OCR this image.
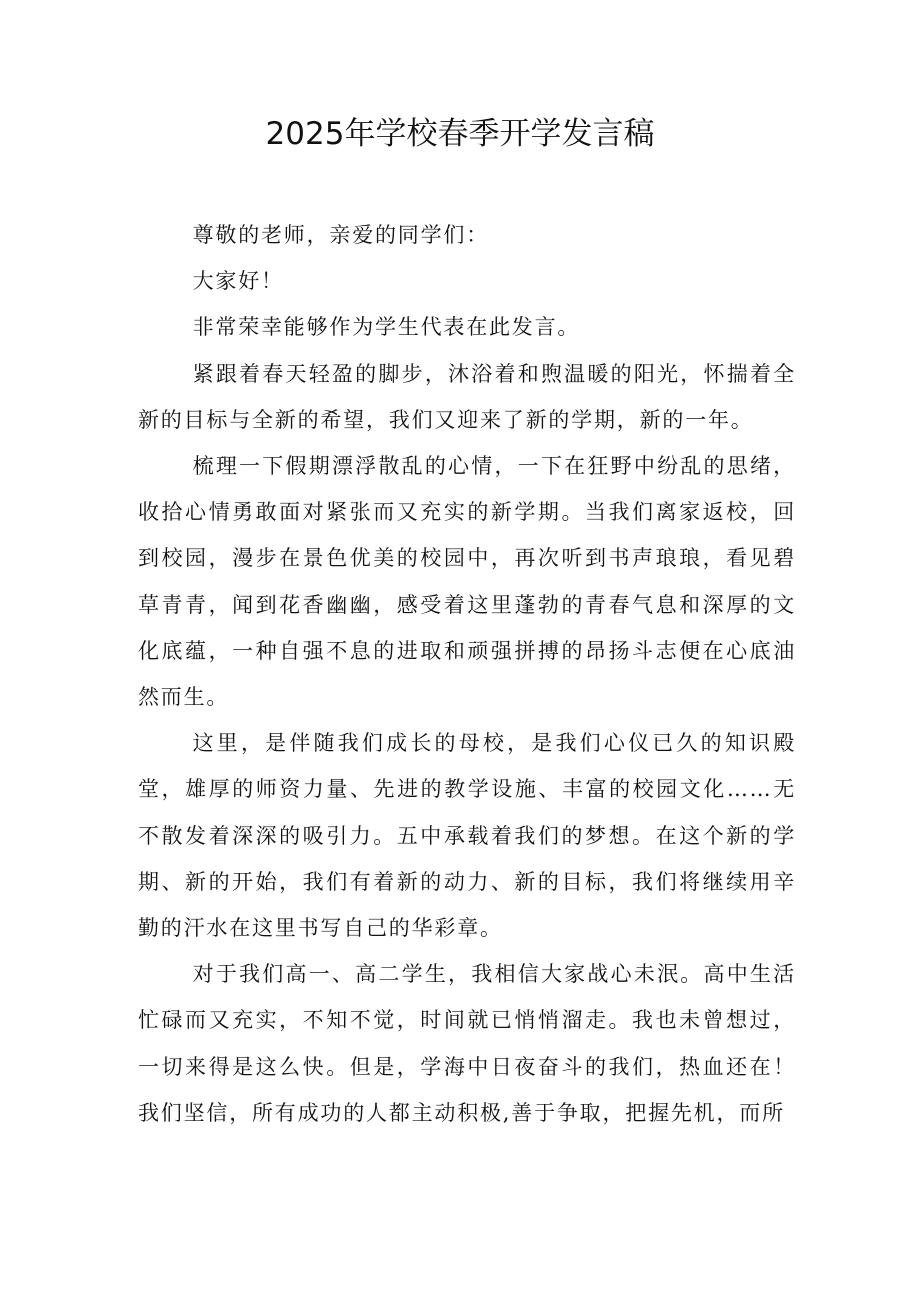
2025年学校春季开学发言稿

尊敬的老师，亲爱的同学们：

大家好！

非常荣幸能够作为学生代表在此发言。

紧跟着春天轻盈的脚步，沐浴着和煦温暖的阳光，怀揣着全新的目标与全新的希望，我们又迎来了新的学期，新的一年。

梳理一下假期漂浮散乱的心情，一下在狂野中纷乱的思绪，收拾心情勇敢面对紧张而又充实的新学期。当我们离家返校，回到校园，漫步在景色优美的校园中，再次听到书声琅琅，看见碧草青青，闻到花香幽幽，感受着这里蓬勃的青春气息和深厚的文化底蕴，一种自强不息的进取和顽强拼搏的昂扬斗志便在心底油然而生。

这里，是伴随我们成长的母校，是我们心仪已久的知识殿堂，雄厚的师资力量、先进的教学设施、丰富的校园文化……无不散发着深深的吸引力。五中承载着我们的梦想。在这个新的学期、新的开始，我们有着新的动力、新的目标，我们将继续用辛勤的汗水在这里书写自己的华彩章。

对于我们高一、高二学生，我相信大家战心未泯。高中生活忙碌而又充实，不知不觉，时间就已悄悄溜走。我也未曾想过，一切来得是这么快。但是，学海中日夜奋斗的我们，热血还在！我们坚信，所有成功的人都主动积极,善于争取，把握先机，而所
